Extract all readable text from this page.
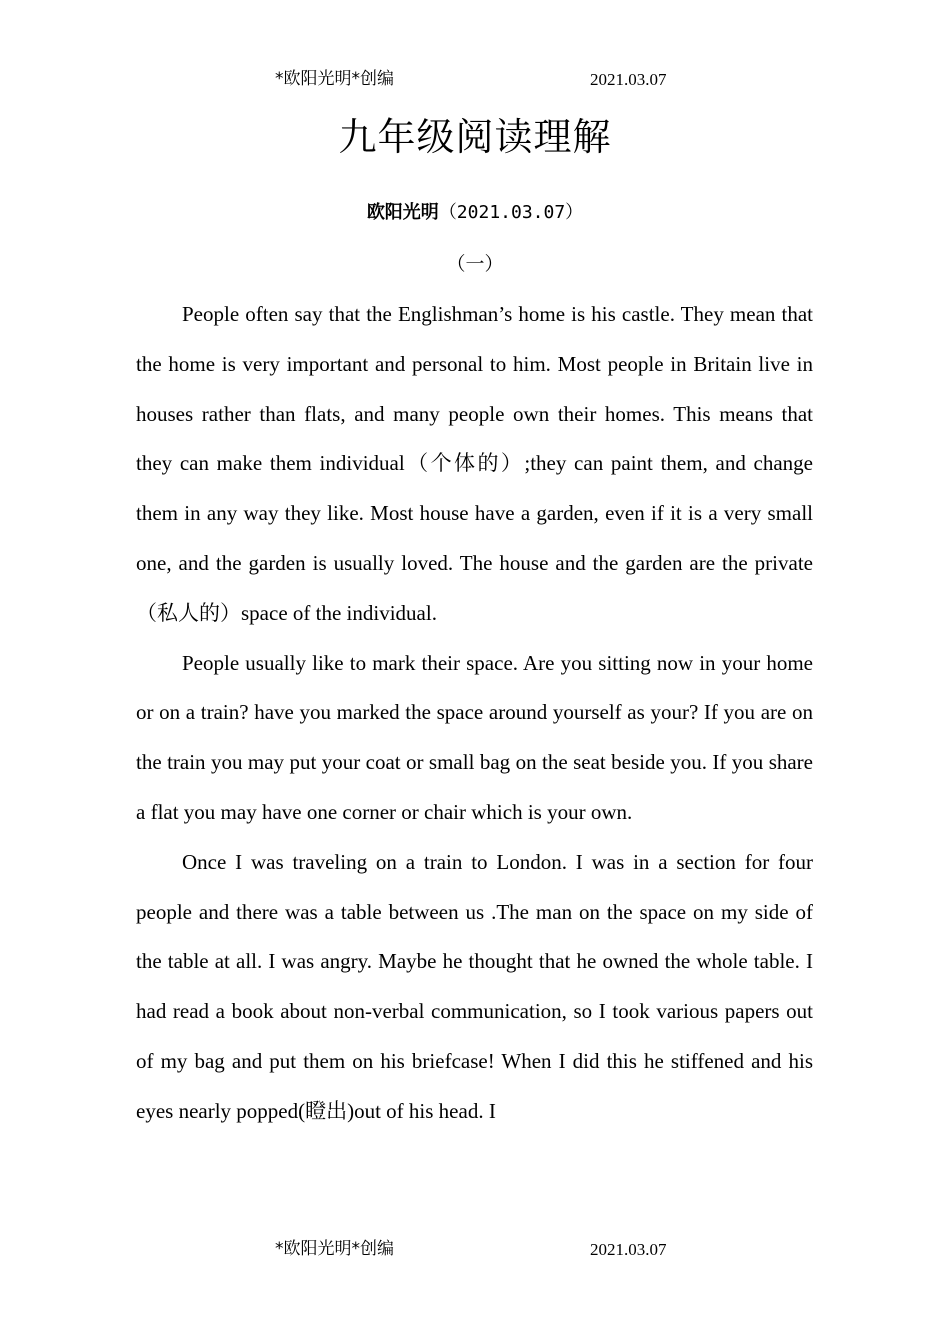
*欧阳光明*创编	2021.03.07
九年级阅读理解
欧阳光明（2021.03.07）
（一）

People often say that the Englishman’s home is his castle. They mean that the home is very important and personal to him. Most people in Britain live in houses rather than flats, and many people own their homes. This means that they can make them individual（个体的）;they can paint them, and change them in any way they like. Most house have a garden, even if it is a very small one, and the garden is usually loved. The house and the garden are the private（私人的）space of the individual.

People usually like to mark their space. Are you sitting now in your home or on a train? have you marked the space around yourself as your? If you are on the train you may put your coat or small bag on the seat beside you. If you share a flat you may have one corner or chair which is your own.

Once I was traveling on a train to London. I was in a section for four people and there was a table between us .The man on the space on my side of the table at all. I was angry. Maybe he thought that he owned the whole table. I had read a book about non-verbal communication, so I took various papers out of my bag and put them on his briefcase! When I did this he stiffened and his eyes nearly popped(瞪出)out of his head. I

*欧阳光明*创编	2021.03.07
